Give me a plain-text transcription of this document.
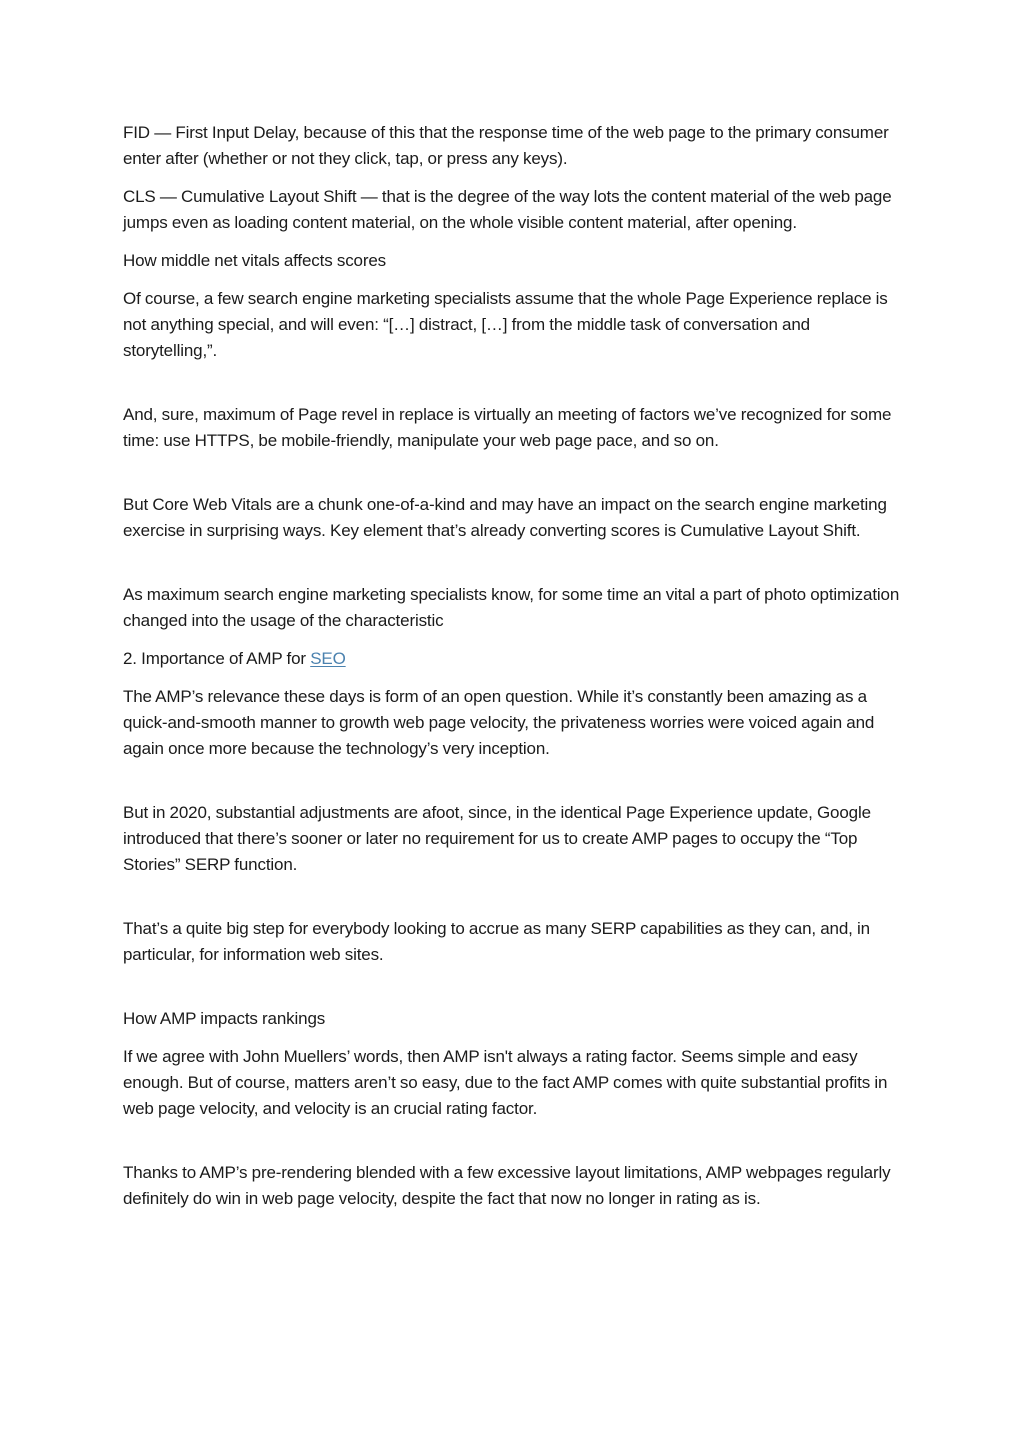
FID — First Input Delay, because of this that the response time of the web page to the primary consumer enter after (whether or not they click, tap, or press any keys).

CLS — Cumulative Layout Shift — that is the degree of the way lots the content material of the web page jumps even as loading content material, on the whole visible content material, after opening.

How middle net vitals affects scores

Of course, a few search engine marketing specialists assume that the whole Page Experience replace is not anything special, and will even: “[…] distract, […] from the middle task of conversation and storytelling,”.

And, sure, maximum of Page revel in replace is virtually an meeting of factors we’ve recognized for some time: use HTTPS, be mobile-friendly, manipulate your web page pace, and so on.

But Core Web Vitals are a chunk one-of-a-kind and may have an impact on the search engine marketing exercise in surprising ways. Key element that’s already converting scores is Cumulative Layout Shift.

As maximum search engine marketing specialists know, for some time an vital a part of photo optimization changed into the usage of the characteristic

2. Importance of AMP for SEO

The AMP’s relevance these days is form of an open question. While it’s constantly been amazing as a quick-and-smooth manner to growth web page velocity, the privateness worries were voiced again and again once more because the technology’s very inception.

But in 2020, substantial adjustments are afoot, since, in the identical Page Experience update, Google introduced that there’s sooner or later no requirement for us to create AMP pages to occupy the “Top Stories” SERP function.

That’s a quite big step for everybody looking to accrue as many SERP capabilities as they can, and, in particular, for information web sites.

How AMP impacts rankings

If we agree with John Muellers’ words, then AMP isn't always a rating factor. Seems simple and easy enough. But of course, matters aren’t so easy, due to the fact AMP comes with quite substantial profits in web page velocity, and velocity is an crucial rating factor.

Thanks to AMP’s pre-rendering blended with a few excessive layout limitations, AMP webpages regularly definitely do win in web page velocity, despite the fact that now no longer in rating as is.
